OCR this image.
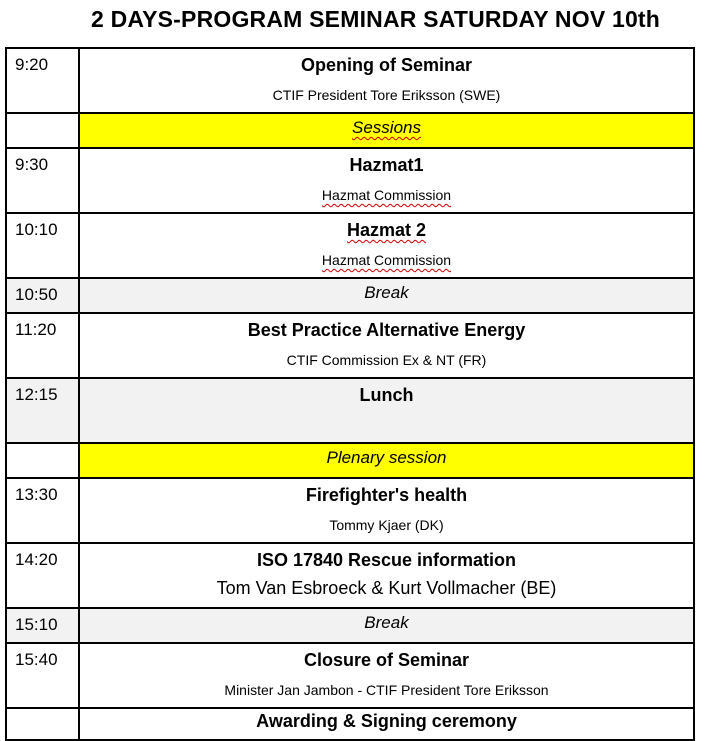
2 DAYS-PROGRAM SEMINAR SATURDAY NOV 10th
9:20	Opening of Seminar
CTIF President Tore Eriksson (SWE)

	Sessions
9:30	Hazmat1
Hazmat Commission

10:10	Hazmat 2
Hazmat Commission

10:50	Break
11:20	Best Practice Alternative Energy
CTIF Commission Ex & NT (FR)

12:15	Lunch

	Plenary session
13:30	Firefighter's health
Tommy Kjaer (DK)

14:20	ISO 17840 Rescue information
Tom Van Esbroeck & Kurt Vollmacher (BE)

15:10	Break
15:40	Closure of Seminar
Minister Jan Jambon - CTIF President Tore Eriksson

	Awarding & Signing ceremony
